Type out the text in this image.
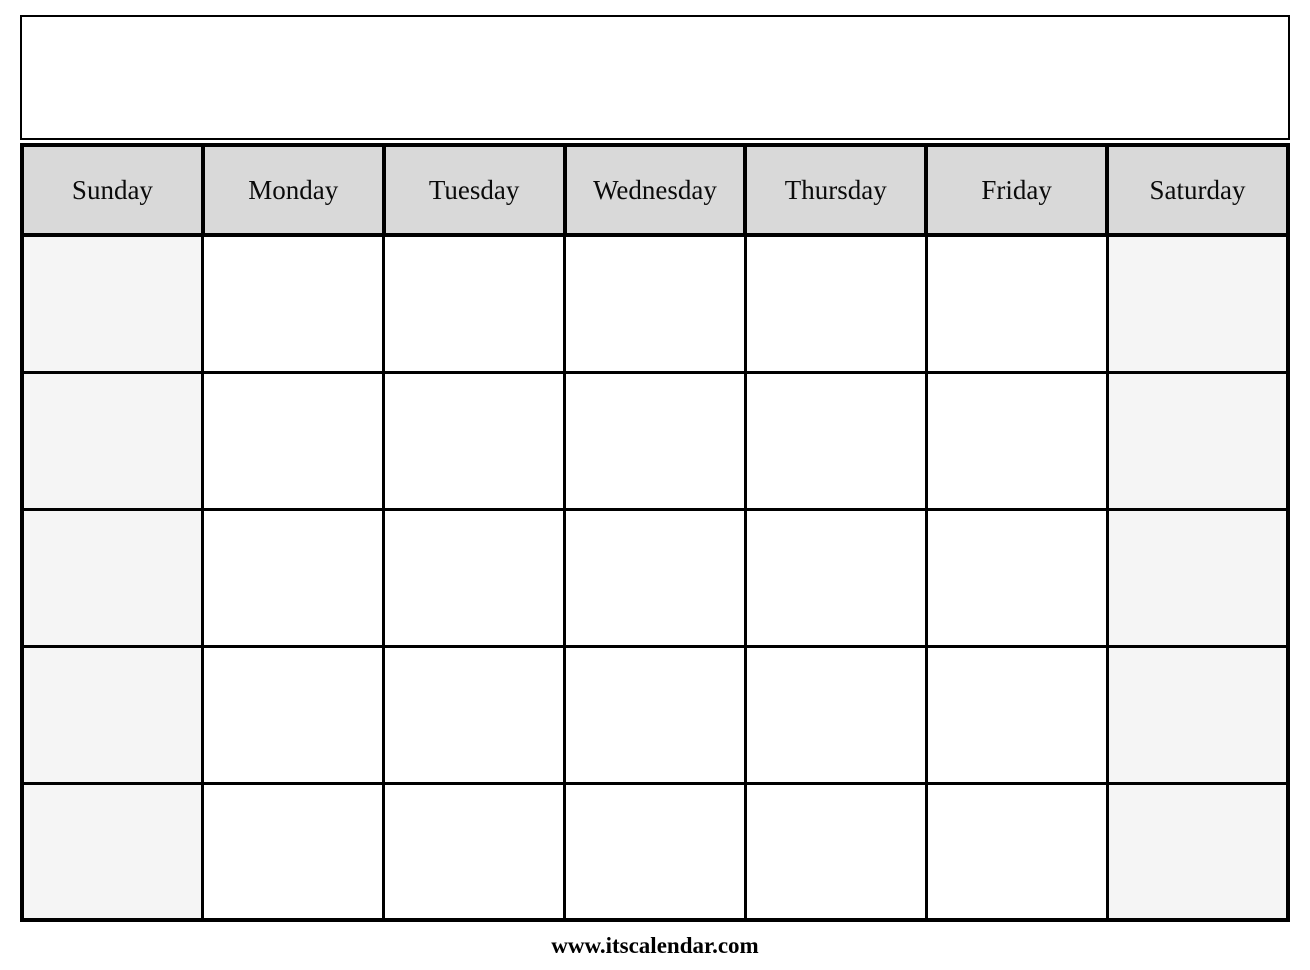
Sunday	Monday	Tuesday	Wednesday	Thursday	Friday	Saturday

www.itscalendar.com
